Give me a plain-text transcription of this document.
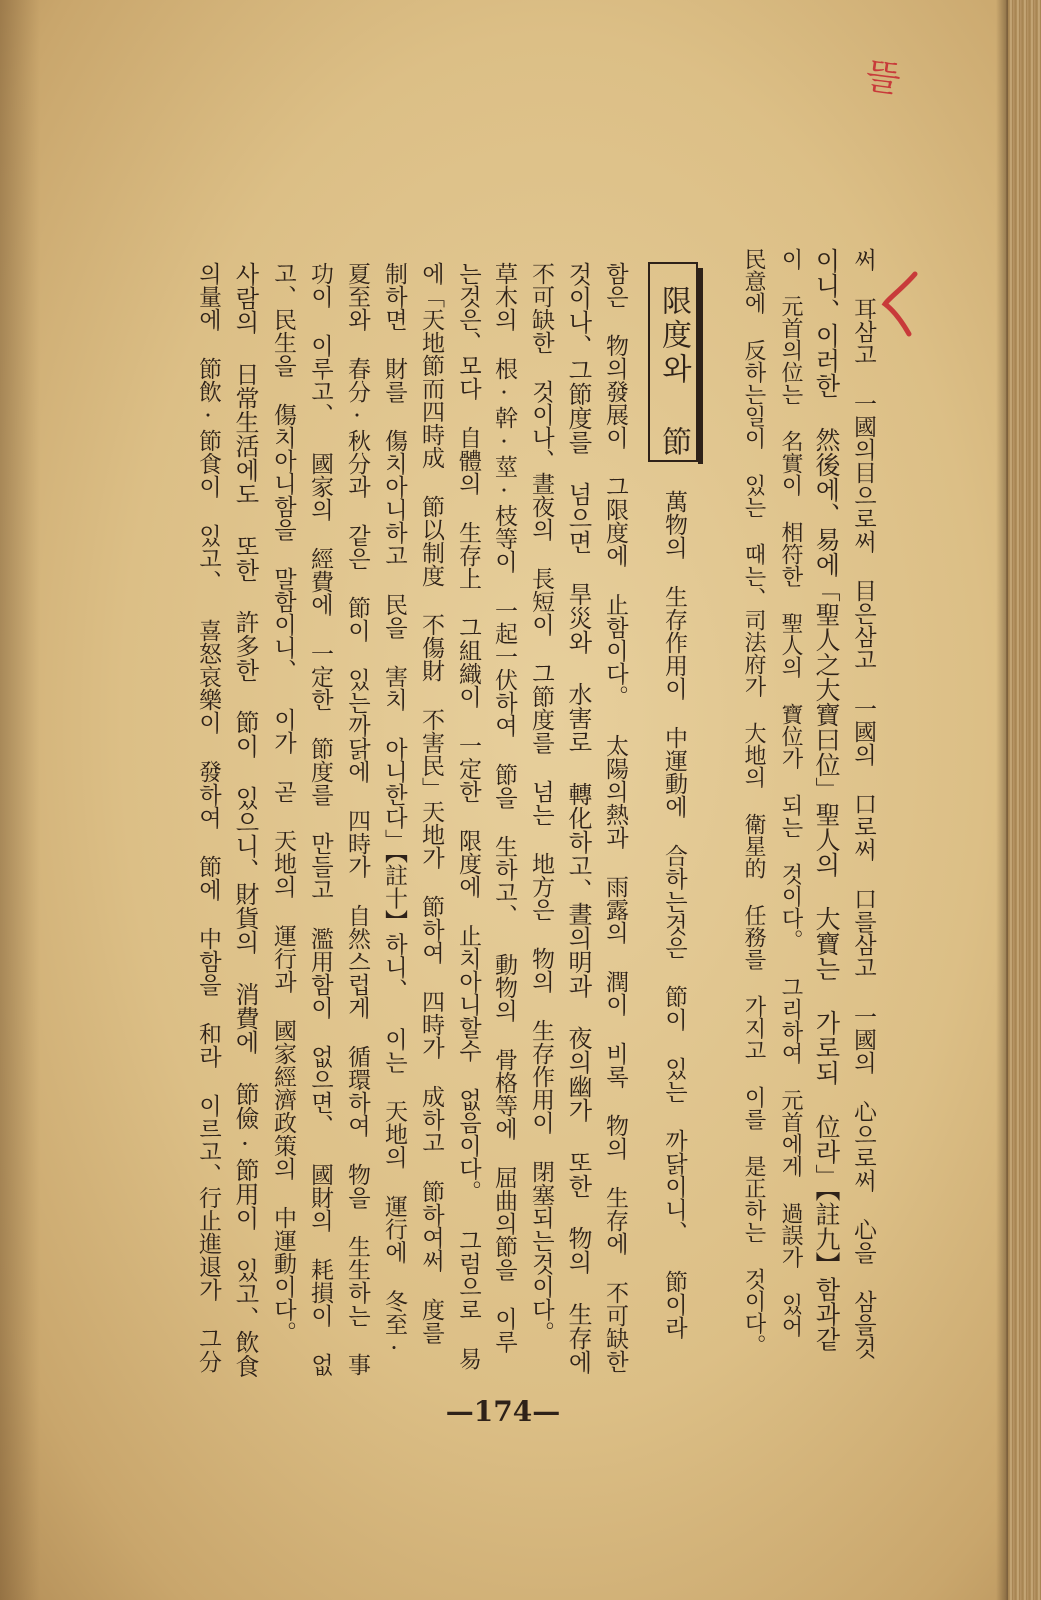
뜰
써 耳삼고 一國의目으로써 目은삼고 一國의 口로써 口를삼고 一國의 心으로써 心을 삼을것
이니、이러한 然後에、易에「聖人之大寶曰位」聖人의 大寶는 가로되 位라」【註九】함과같
이 元首의位는 名實이 相符한 聖人의 寶位가 되는 것이다。 그리하여 元首에게 過誤가 있어
民意에 反하는일이 있는 때는、司法府가 大地의 衛星的 任務를 가지고 이를 是正하는 것이다。
限度와 節
萬物의 生存作用이 中運動에 合하는것은 節이 있는 까닭이니、 節이라
함은 物의發展이 그限度에 止함이다。 太陽의熱과 雨露의 潤이 비록 物의 生存에 不可缺한
것이나、그節度를 넘으면 旱災와 水害로 轉化하고、晝의明과 夜의幽가 또한 物의 生存에
不可缺한 것이나、晝夜의 長短이 그節度를 넘는 地方은 物의 生存作用이 閉塞되는것이다。
草木의 根·幹·莖·枝等이 一起一伏하여 節을 生하고、 動物의 骨格等에 屈曲의節을 이루
는것은、모다 自體의 生存上 그組織이 一定한 限度에 止치아니할수 없음이다。 그럼으로 易
에「天地節而四時成 節以制度 不傷財 不害民」天地가 節하여 四時가 成하고 節하여써 度를
制하면 財를 傷치아니하고 民을 害치 아니한다」【註十】하니、 이는 天地의 運行에 冬至·
夏至와 春分·秋分과 같은 節이 있는까닭에 四時가 自然스럽게 循環하여 物을 生生하는 事
功이 이루고、 國家의 經費에 一定한 節度를 만들고 濫用함이 없으면、 國財의 耗損이 없
고、民生을 傷치아니함을 말함이니、 이가 곧 天地의 運行과 國家經濟政策의 中運動이다。
사람의 日常生活에도 또한 許多한 節이 있으니、財貨의 消費에 節儉·節用이 있고、飲食
의量에 節飲·節食이 있고、 喜怒哀樂이 發하여 節에 中함을 和라 이르고、行止進退가 그分
—174—
